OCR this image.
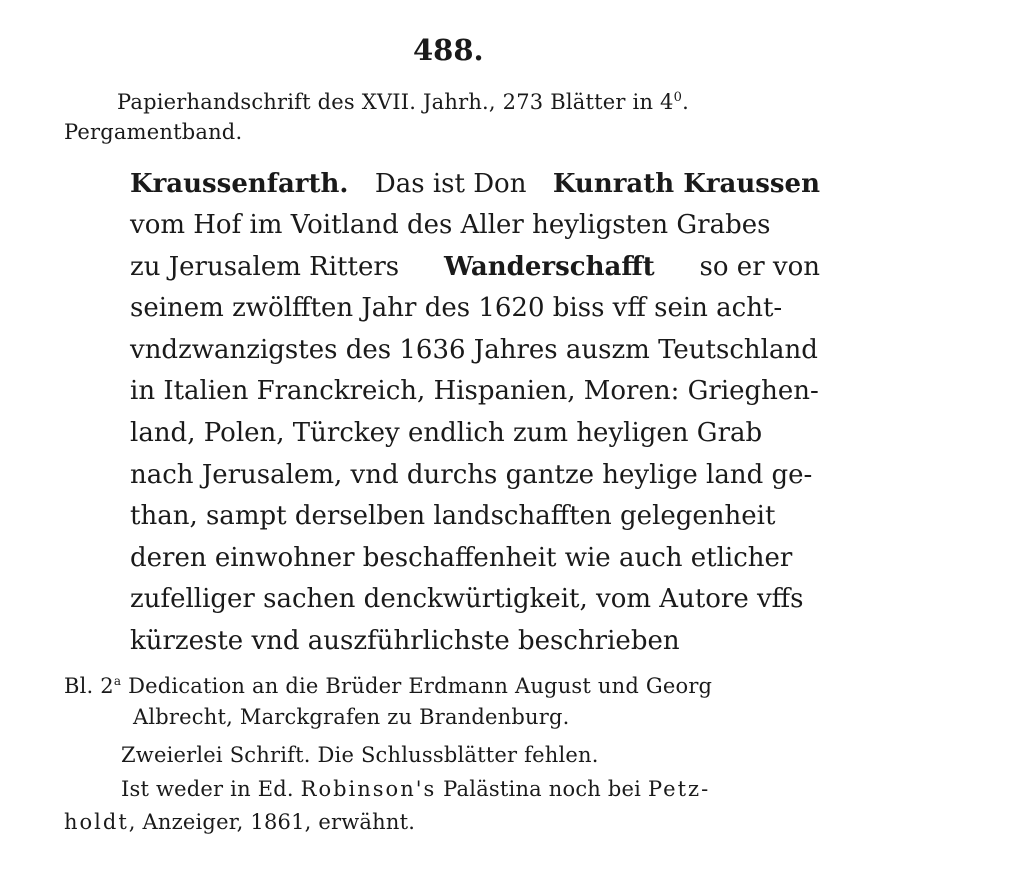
488.
Papierhandschrift des XVII. Jahrh., 273 Blätter in $4^0$.
Pergamentband.
Kraussenfarth. Das ist Don Kunrath Kraussen
vom Hof im Voitland des Aller heyligsten Grabes
zu Jerusalem Ritters Wanderschafft so er von
seinem zwölfften Jahr des 1620 biss vff sein acht-
vndzwanzigstes des 1636 Jahres auszm Teutschland
in Italien Franckreich, Hispanien, Moren: Grieghen-
land, Polen, Türckey endlich zum heyligen Grab
nach Jerusalem, vnd durchs gantze heylige land ge-
than, sampt derselben landschafften gelegenheit
deren einwohner beschaffenheit wie auch etlicher
zufelliger sachen denckwürtigkeit, vom Autore vffs
kürzeste vnd auszführlichste beschrieben
Bl. 2$^a$ Dedication an die Brüder Erdmann August und Georg
Albrecht, Marckgrafen zu Brandenburg.
Zweierlei Schrift. Die Schlussblätter fehlen.
Ist weder in Ed. Robinson's Palästina noch bei Petz-
holdt, Anzeiger, 1861, erwähnt.
